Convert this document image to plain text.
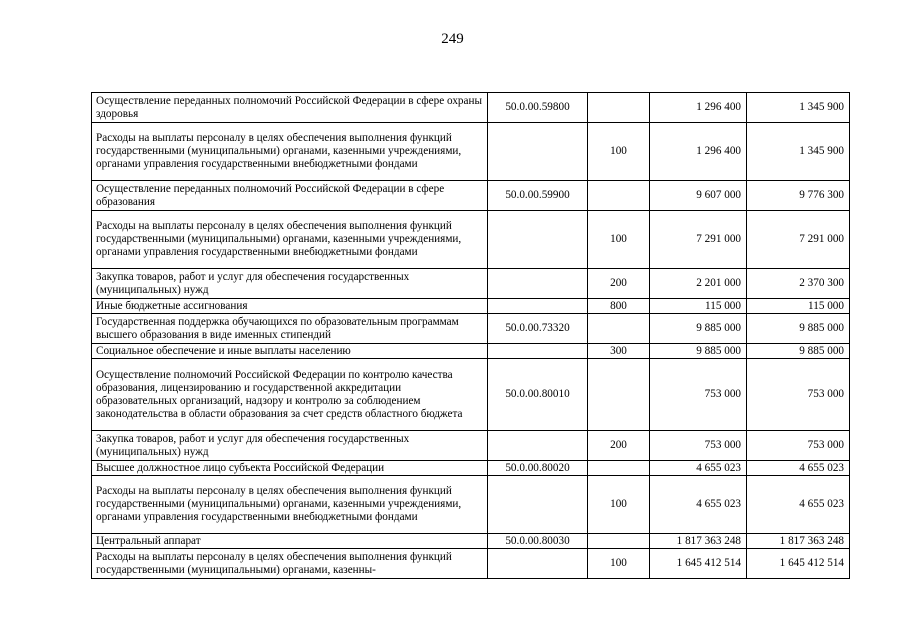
249
Осуществление переданных полномочий Российской Федерации в сфере охраны здоровья	50.0.00.59800		1 296 400	1 345 900
Расходы на выплаты персоналу в целях обеспечения выполнения функций государственными (муниципальными) органами, казенными учреждениями, органами управления государственными внебюджетными фондами		100	1 296 400	1 345 900
Осуществление переданных полномочий Российской Федерации в сфере образования	50.0.00.59900		9 607 000	9 776 300
Расходы на выплаты персоналу в целях обеспечения выполнения функций государственными (муниципальными) органами, казенными учреждениями, органами управления государственными внебюджетными фондами		100	7 291 000	7 291 000
Закупка товаров, работ и услуг для обеспечения государственных (муниципальных) нужд		200	2 201 000	2 370 300
Иные бюджетные ассигнования		800	115 000	115 000
Государственная поддержка обучающихся по образовательным программам высшего образования в виде именных стипендий	50.0.00.73320		9 885 000	9 885 000
Социальное обеспечение и иные выплаты населению		300	9 885 000	9 885 000
Осуществление полномочий Российской Федерации по контролю качества образования, лицензированию и государственной аккредитации образовательных организаций, надзору и контролю за соблюдением законодательства в области образования за счет средств областного бюджета	50.0.00.80010		753 000	753 000
Закупка товаров, работ и услуг для обеспечения государственных (муниципальных) нужд		200	753 000	753 000
Высшее должностное лицо субъекта Российской Федерации	50.0.00.80020		4 655 023	4 655 023
Расходы на выплаты персоналу в целях обеспечения выполнения функций государственными (муниципальными) органами, казенными учреждениями, органами управления государственными внебюджетными фондами		100	4 655 023	4 655 023
Центральный аппарат	50.0.00.80030		1 817 363 248	1 817 363 248
Расходы на выплаты персоналу в целях обеспечения выполнения функций государственными (муниципальными) органами, казенны-		100	1 645 412 514	1 645 412 514
